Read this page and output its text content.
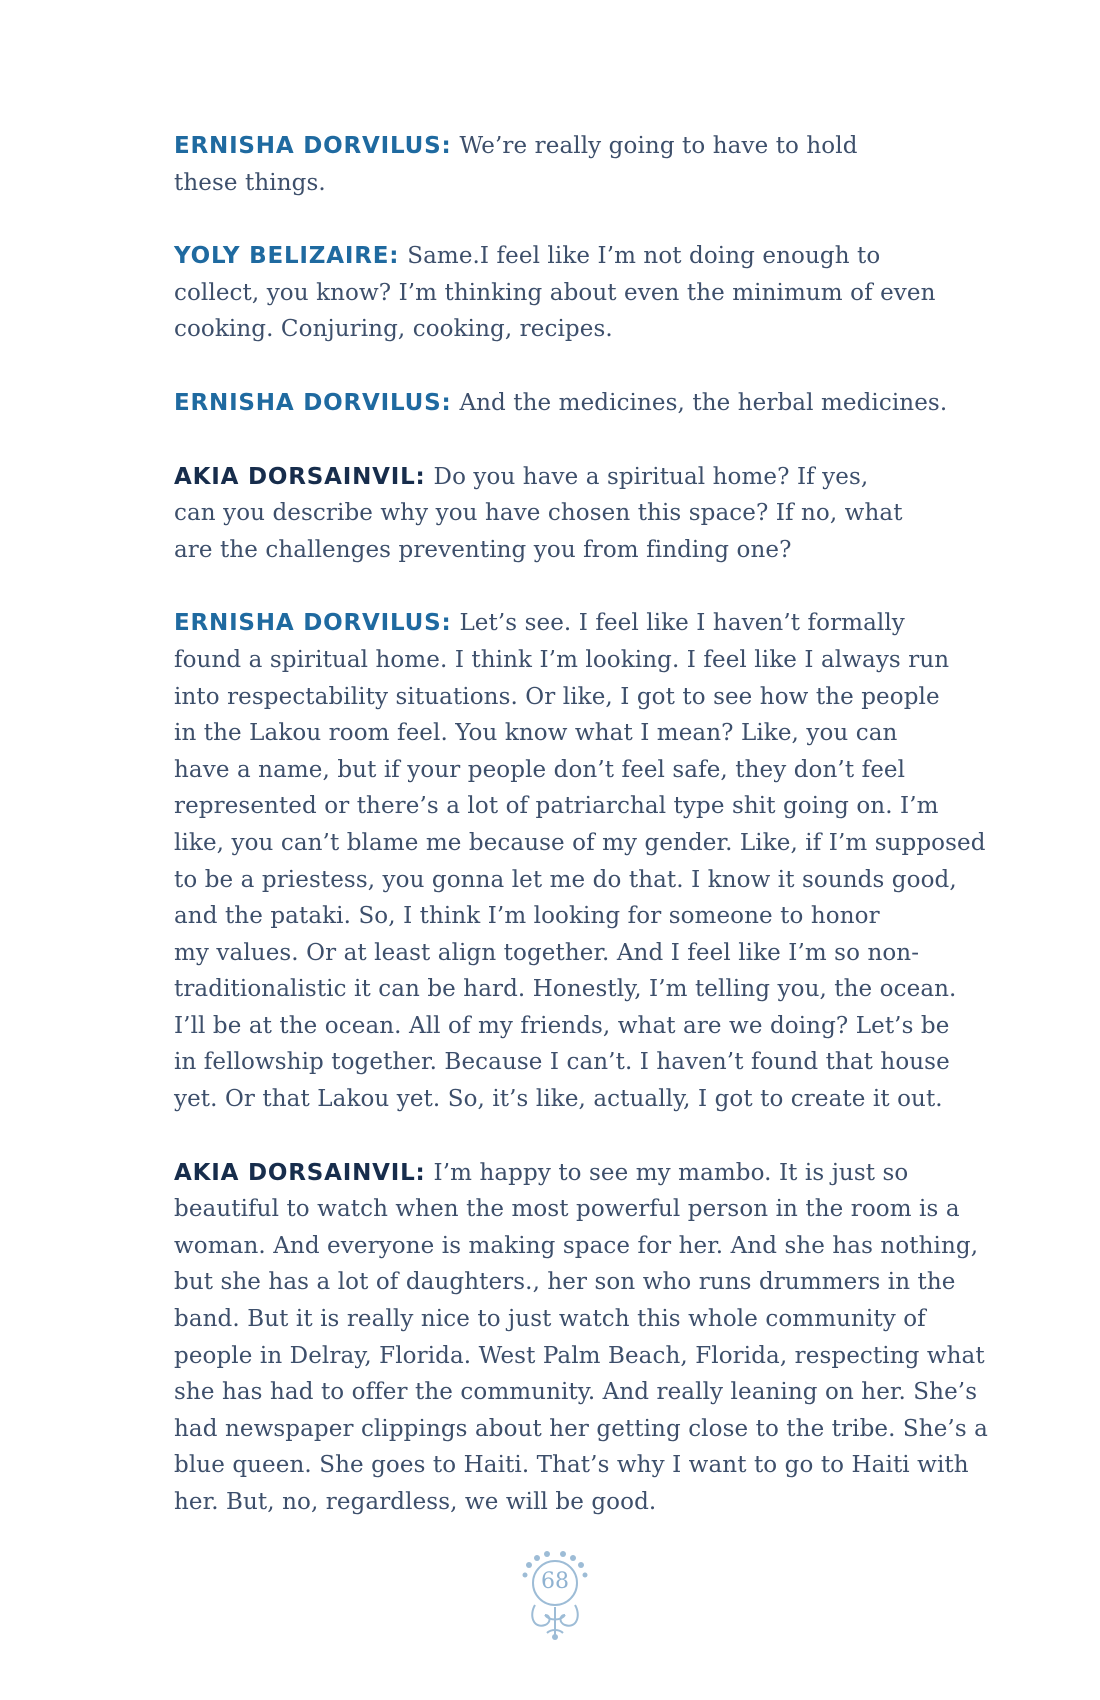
ERNISHA DORVILUS: We’re really going to have to hold
these things.

YOLY BELIZAIRE: Same.I feel like I’m not doing enough to
collect, you know? I’m thinking about even the minimum of even
cooking. Conjuring, cooking, recipes.

ERNISHA DORVILUS: And the medicines, the herbal medicines.

AKIA DORSAINVIL: Do you have a spiritual home? If yes,
can you describe why you have chosen this space? If no, what
are the challenges preventing you from finding one?

ERNISHA DORVILUS: Let’s see. I feel like I haven’t formally
found a spiritual home. I think I’m looking. I feel like I always run
into respectability situations. Or like, I got to see how the people
in the Lakou room feel. You know what I mean? Like, you can
have a name, but if your people don’t feel safe, they don’t feel
represented or there’s a lot of patriarchal type shit going on. I’m
like, you can’t blame me because of my gender. Like, if I’m supposed
to be a priestess, you gonna let me do that. I know it sounds good,
and the pataki. So, I think I’m looking for someone to honor
my values. Or at least align together. And I feel like I’m so non-
traditionalistic it can be hard. Honestly, I’m telling you, the ocean.
I’ll be at the ocean. All of my friends, what are we doing? Let’s be
in fellowship together. Because I can’t. I haven’t found that house
yet. Or that Lakou yet. So, it’s like, actually, I got to create it out.

AKIA DORSAINVIL: I’m happy to see my mambo. It is just so
beautiful to watch when the most powerful person in the room is a
woman. And everyone is making space for her. And she has nothing,
but she has a lot of daughters., her son who runs drummers in the
band. But it is really nice to just watch this whole community of
people in Delray, Florida. West Palm Beach, Florida, respecting what
she has had to offer the community. And really leaning on her. She’s
had newspaper clippings about her getting close to the tribe. She’s a
blue queen. She goes to Haiti. That’s why I want to go to Haiti with
her. But, no, regardless, we will be good.

68
